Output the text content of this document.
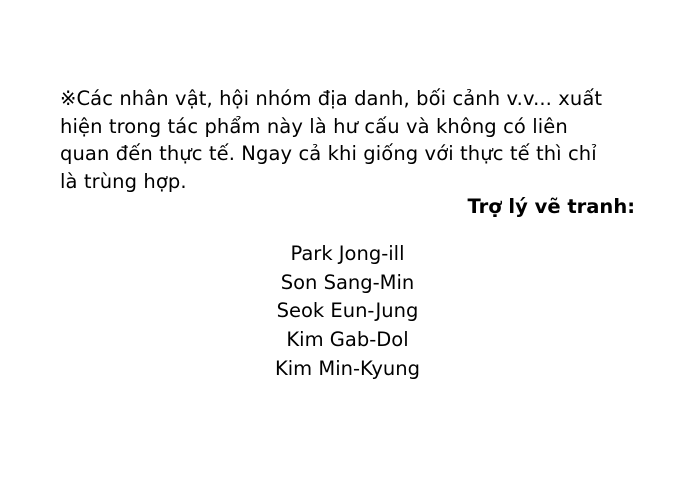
※Các nhân vật, hội nhóm địa danh, bối cảnh v.v... xuất
hiện trong tác phẩm này là hư cấu và không có liên
quan đến thực tế. Ngay cả khi giống với thực tế thì chỉ
là trùng hợp.
Trợ lý vẽ tranh:
Park Jong-ill
Son Sang-Min
Seok Eun-Jung
Kim Gab-Dol
Kim Min-Kyung
